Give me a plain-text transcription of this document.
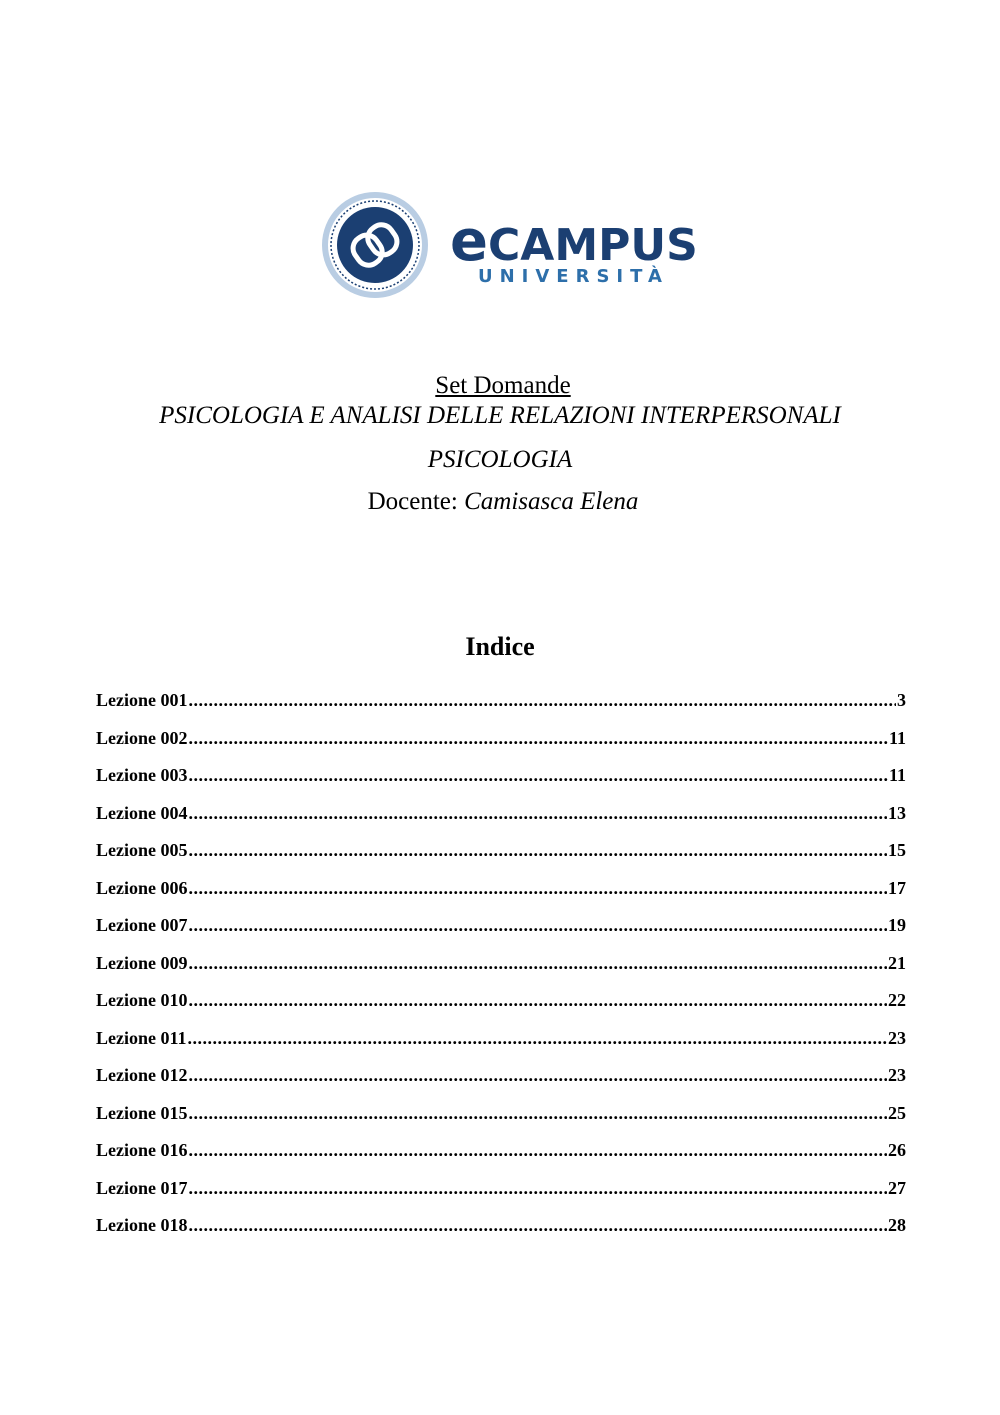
eCAMPUS
UNIVERSITÀ
Set Domande
PSICOLOGIA E ANALISI DELLE RELAZIONI INTERPERSONALI
PSICOLOGIA
Docente: Camisasca Elena
Indice
Lezione 001 .....	3
Lezione 002 .....	11
Lezione 003 .....	11
Lezione 004 .....	13
Lezione 005 .....	15
Lezione 006 .....	17
Lezione 007 .....	19
Lezione 009 .....	21
Lezione 010 .....	22
Lezione 011 .....	23
Lezione 012 .....	23
Lezione 015 .....	25
Lezione 016 .....	26
Lezione 017 .....	27
Lezione 018 .....	28
